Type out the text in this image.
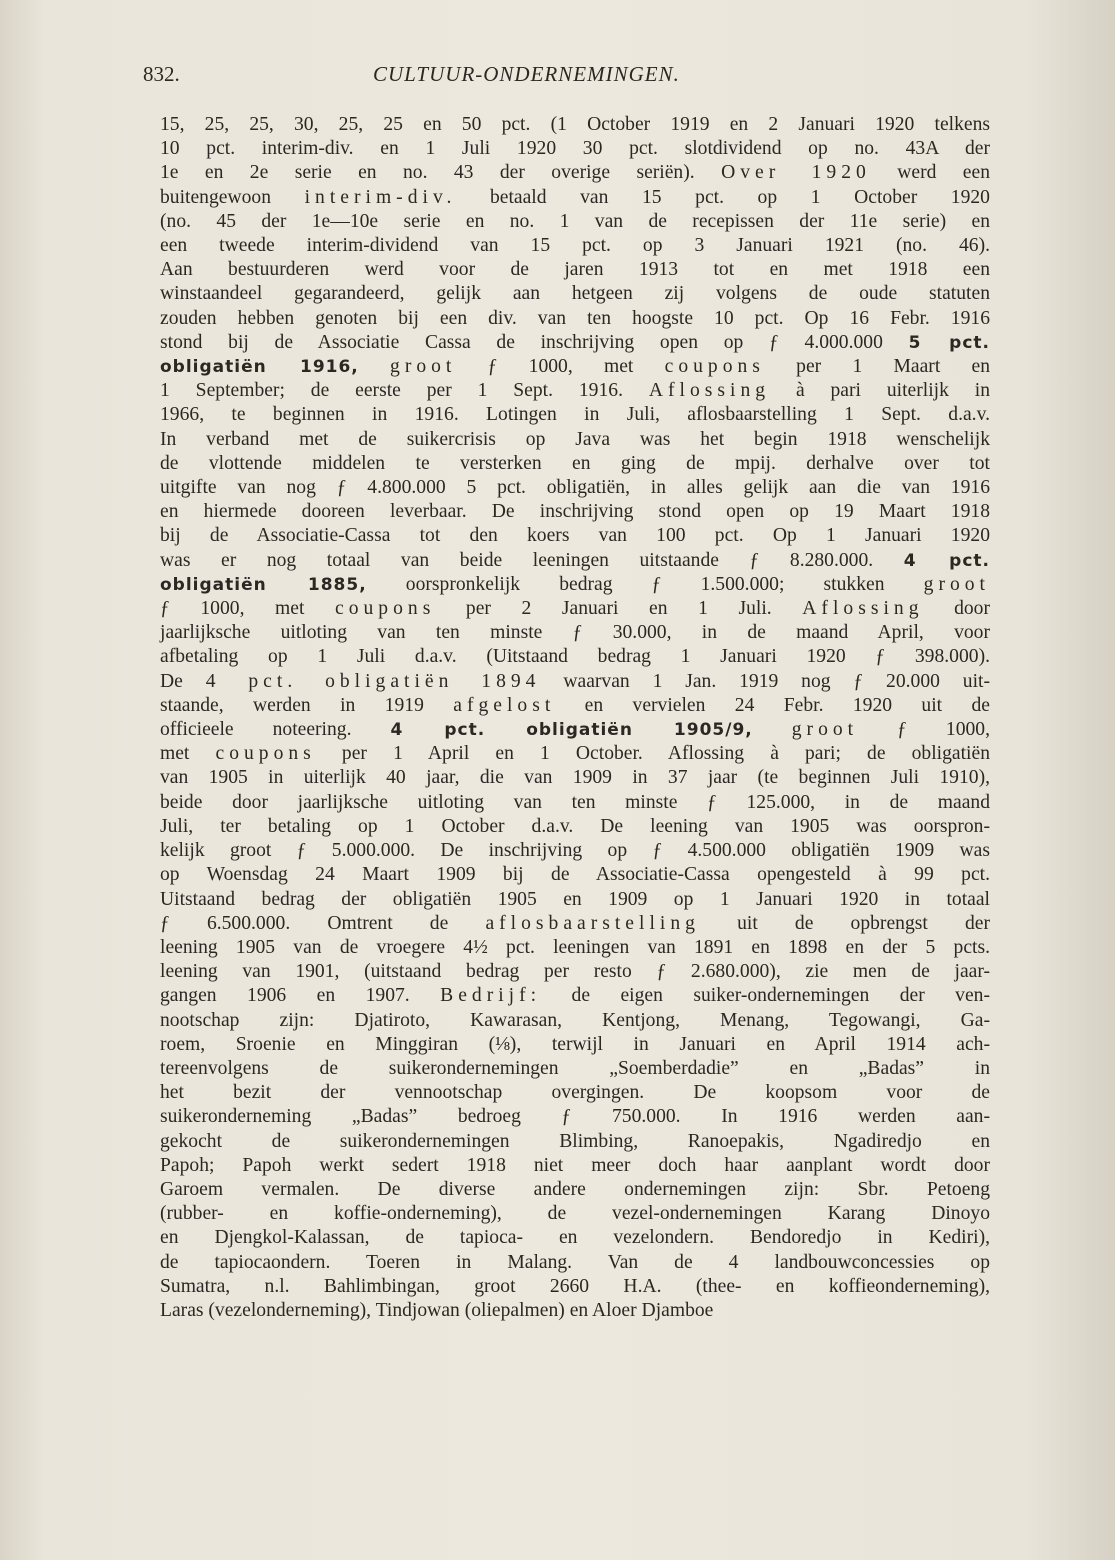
832.	CULTUUR-ONDERNEMINGEN.
15, 25, 25, 30, 25, 25 en 50 pct. (1 October 1919 en 2 Januari 1920 telkens
10 pct. interim-div. en 1 Juli 1920 30 pct. slotdividend op no. 43A der
1e en 2e serie en no. 43 der overige seriën). Over 1920 werd een
buitengewoon interim-div. betaald van 15 pct. op 1 October 1920
(no. 45 der 1e—10e serie en no. 1 van de recepissen der 11e serie) en
een tweede interim-dividend van 15 pct. op 3 Januari 1921 (no. 46).
Aan bestuurderen werd voor de jaren 1913 tot en met 1918 een
winstaandeel gegarandeerd, gelijk aan hetgeen zij volgens de oude statuten
zouden hebben genoten bij een div. van ten hoogste 10 pct. Op 16 Febr. 1916
stond bij de Associatie Cassa de inschrijving open op ƒ 4.000.000 5 pct.
obligatiën 1916, groot ƒ 1000, met coupons per 1 Maart en
1 September; de eerste per 1 Sept. 1916. Aflossing à pari uiterlijk in
1966, te beginnen in 1916. Lotingen in Juli, aflosbaarstelling 1 Sept. d.a.v.
In verband met de suikercrisis op Java was het begin 1918 wenschelijk
de vlottende middelen te versterken en ging de mpij. derhalve over tot
uitgifte van nog ƒ 4.800.000 5 pct. obligatiën, in alles gelijk aan die van 1916
en hiermede dooreen leverbaar. De inschrijving stond open op 19 Maart 1918
bij de Associatie-Cassa tot den koers van 100 pct. Op 1 Januari 1920
was er nog totaal van beide leeningen uitstaande ƒ 8.280.000. 4 pct.
obligatiën 1885, oorspronkelijk bedrag ƒ 1.500.000; stukken groot
ƒ 1000, met coupons per 2 Januari en 1 Juli. Aflossing door
jaarlijksche uitloting van ten minste ƒ 30.000, in de maand April, voor
afbetaling op 1 Juli d.a.v. (Uitstaand bedrag 1 Januari 1920 ƒ 398.000).
De 4 pct. obligatiën 1894 waarvan 1 Jan. 1919 nog ƒ 20.000 uit-
staande, werden in 1919 afgelost en vervielen 24 Febr. 1920 uit de
officieele noteering. 4 pct. obligatiën 1905/9, groot ƒ 1000,
met coupons per 1 April en 1 October. Aflossing à pari; de obligatiën
van 1905 in uiterlijk 40 jaar, die van 1909 in 37 jaar (te beginnen Juli 1910),
beide door jaarlijksche uitloting van ten minste ƒ 125.000, in de maand
Juli, ter betaling op 1 October d.a.v. De leening van 1905 was oorspron-
kelijk groot ƒ 5.000.000. De inschrijving op ƒ 4.500.000 obligatiën 1909 was
op Woensdag 24 Maart 1909 bij de Associatie-Cassa opengesteld à 99 pct.
Uitstaand bedrag der obligatiën 1905 en 1909 op 1 Januari 1920 in totaal
ƒ 6.500.000. Omtrent de aflosbaarstelling uit de opbrengst der
leening 1905 van de vroegere 4½ pct. leeningen van 1891 en 1898 en der 5 pcts.
leening van 1901, (uitstaand bedrag per resto ƒ 2.680.000), zie men de jaar-
gangen 1906 en 1907. Bedrijf: de eigen suiker-ondernemingen der ven-
nootschap zijn: Djatiroto, Kawarasan, Kentjong, Menang, Tegowangi, Ga-
roem, Sroenie en Minggiran (⅛), terwijl in Januari en April 1914 ach-
tereenvolgens de suikerondernemingen „Soemberdadie” en „Badas” in
het bezit der vennootschap overgingen. De koopsom voor de
suikeronderneming „Badas” bedroeg ƒ 750.000. In 1916 werden aan-
gekocht de suikerondernemingen Blimbing, Ranoepakis, Ngadiredjo en
Papoh; Papoh werkt sedert 1918 niet meer doch haar aanplant wordt door
Garoem vermalen. De diverse andere ondernemingen zijn: Sbr. Petoeng
(rubber- en koffie-onderneming), de vezel-ondernemingen Karang Dinoyo
en Djengkol-Kalassan, de tapioca- en vezelondern. Bendoredjo in Kediri),
de tapiocaondern. Toeren in Malang. Van de 4 landbouwconcessies op
Sumatra, n.l. Bahlimbingan, groot 2660 H.A. (thee- en koffieonderneming),
Laras (vezelonderneming), Tindjowan (oliepalmen) en Aloer Djamboe
